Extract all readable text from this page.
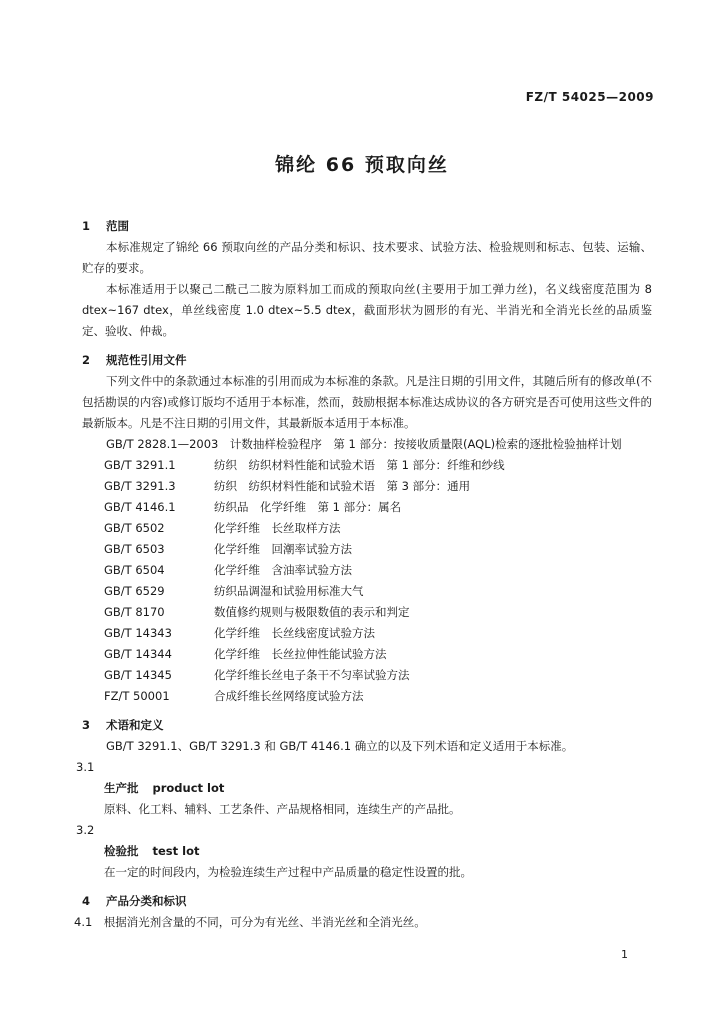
FZ/T 54025—2009
锦纶 66 预取向丝
1 范围
本标准规定了锦纶 66 预取向丝的产品分类和标识、技术要求、试验方法、检验规则和标志、包装、运输、贮存的要求。
本标准适用于以聚己二酰己二胺为原料加工而成的预取向丝(主要用于加工弹力丝)，名义线密度范围为 8 dtex~167 dtex，单丝线密度 1.0 dtex~5.5 dtex，截面形状为圆形的有光、半消光和全消光长丝的品质鉴定、验收、仲裁。
2 规范性引用文件
下列文件中的条款通过本标准的引用而成为本标准的条款。凡是注日期的引用文件，其随后所有的修改单(不包括勘误的内容)或修订版均不适用于本标准，然而，鼓励根据本标准达成协议的各方研究是否可使用这些文件的最新版本。凡是不注日期的引用文件，其最新版本适用于本标准。
GB/T 2828.1—2003　计数抽样检验程序　第 1 部分：按接收质量限(AQL)检索的逐批检验抽样计划
GB/T 3291.1	纺织　纺织材料性能和试验术语　第 1 部分：纤维和纱线
GB/T 3291.3	纺织　纺织材料性能和试验术语　第 3 部分：通用
GB/T 4146.1	纺织品　化学纤维　第 1 部分：属名
GB/T 6502	化学纤维　长丝取样方法
GB/T 6503	化学纤维　回潮率试验方法
GB/T 6504	化学纤维　含油率试验方法
GB/T 6529	纺织品调湿和试验用标准大气
GB/T 8170	数值修约规则与极限数值的表示和判定
GB/T 14343	化学纤维　长丝线密度试验方法
GB/T 14344	化学纤维　长丝拉伸性能试验方法
GB/T 14345	化学纤维长丝电子条干不匀率试验方法
FZ/T 50001	合成纤维长丝网络度试验方法
3 术语和定义
GB/T 3291.1、GB/T 3291.3 和 GB/T 4146.1 确立的以及下列术语和定义适用于本标准。
3.1
生产批 product lot
原料、化工料、辅料、工艺条件、产品规格相同，连续生产的产品批。
3.2
检验批 test lot
在一定的时间段内，为检验连续生产过程中产品质量的稳定性设置的批。
4 产品分类和标识
4.1　 根据消光剂含量的不同，可分为有光丝、半消光丝和全消光丝。
1
